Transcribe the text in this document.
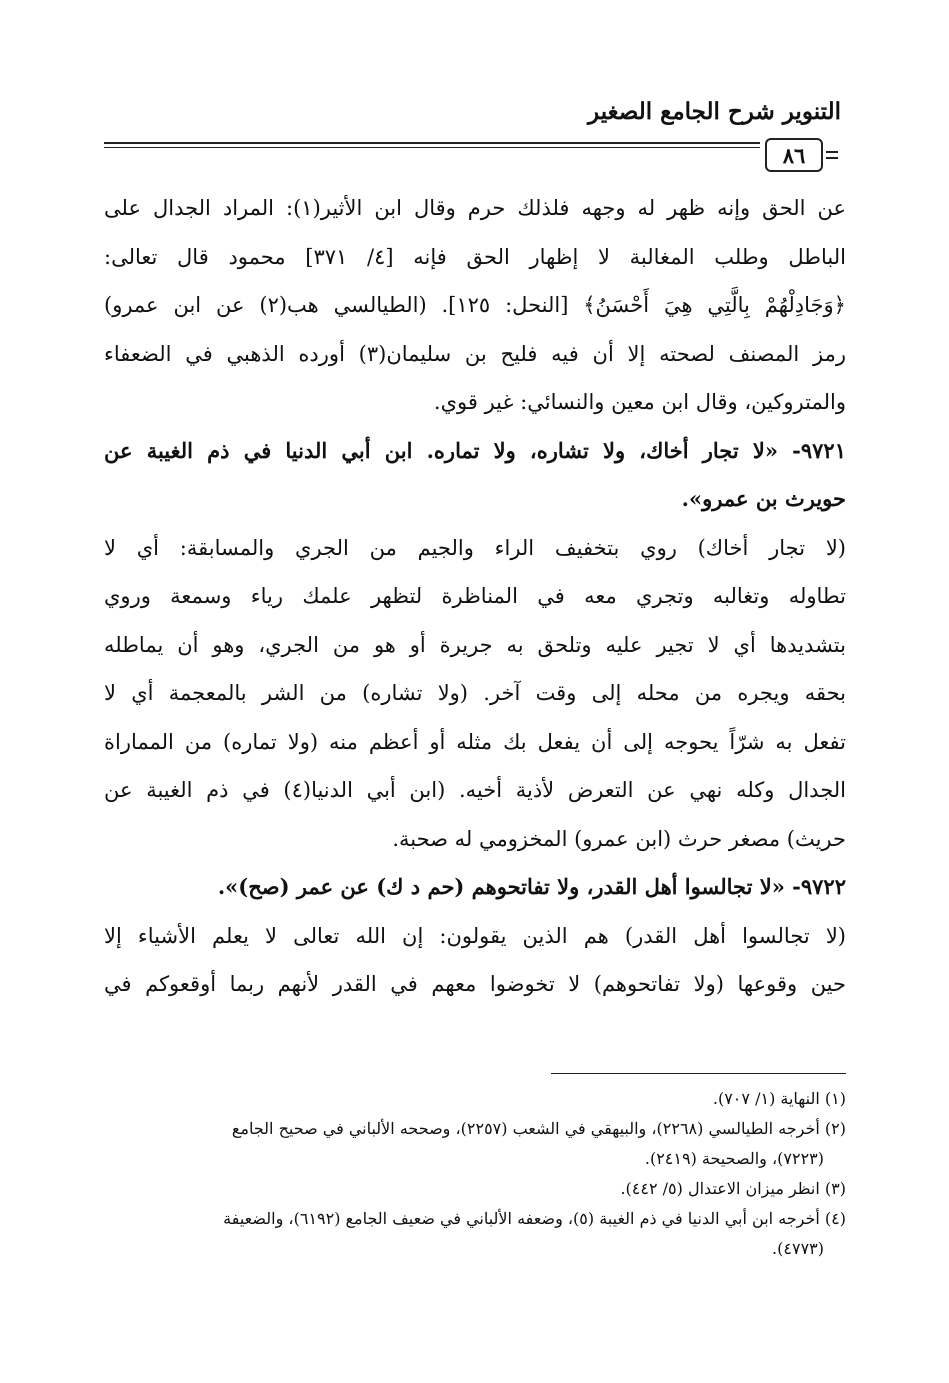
التنوير شرح الجامع الصغير
٨٦
عن الحق وإنه ظهر له وجهه فلذلك حرم وقال ابن الأثير(١): المراد الجدال على
الباطل وطلب المغالبة لا إظهار الحق فإنه [٤/ ٣٧١] محمود قال تعالى:
﴿وَجَادِلْهُمْ بِالَّتِي هِيَ أَحْسَنُ﴾ [النحل: ١٢٥]. (الطيالسي هب(٢) عن ابن عمرو)
رمز المصنف لصحته إلا أن فيه فليح بن سليمان(٣) أورده الذهبي في الضعفاء
والمتروكين، وقال ابن معين والنسائي: غير قوي.
٩٧٢١- «لا تجار أخاك، ولا تشاره، ولا تماره. ابن أبي الدنيا في ذم الغيبة عن
حويرث بن عمرو».
(لا تجار أخاك) روي بتخفيف الراء والجيم من الجري والمسابقة: أي لا
تطاوله وتغالبه وتجري معه في المناظرة لتظهر علمك رياء وسمعة وروي
بتشديدها أي لا تجير عليه وتلحق به جريرة أو هو من الجري، وهو أن يماطله
بحقه ويجره من محله إلى وقت آخر. (ولا تشاره) من الشر بالمعجمة أي لا
تفعل به شرّاً يحوجه إلى أن يفعل بك مثله أو أعظم منه (ولا تماره) من المماراة
الجدال وكله نهي عن التعرض لأذية أخيه. (ابن أبي الدنيا(٤) في ذم الغيبة عن
حريث) مصغر حرث (ابن عمرو) المخزومي له صحبة.
٩٧٢٢- «لا تجالسوا أهل القدر، ولا تفاتحوهم (حم د ك) عن عمر (صح)».
(لا تجالسوا أهل القدر) هم الذين يقولون: إن الله تعالى لا يعلم الأشياء إلا
حين وقوعها (ولا تفاتحوهم) لا تخوضوا معهم في القدر لأنهم ربما أوقعوكم في
(١) النهاية (١/ ٧٠٧).
(٢) أخرجه الطيالسي (٢٢٦٨)، والبيهقي في الشعب (٢٢٥٧)، وصححه الألباني في صحيح الجامع
(٧٢٢٣)، والصحيحة (٢٤١٩).
(٣) انظر ميزان الاعتدال (٥/ ٤٤٢).
(٤) أخرجه ابن أبي الدنيا في ذم الغيبة (٥)، وضعفه الألباني في ضعيف الجامع (٦١٩٢)، والضعيفة
(٤٧٧٣).
